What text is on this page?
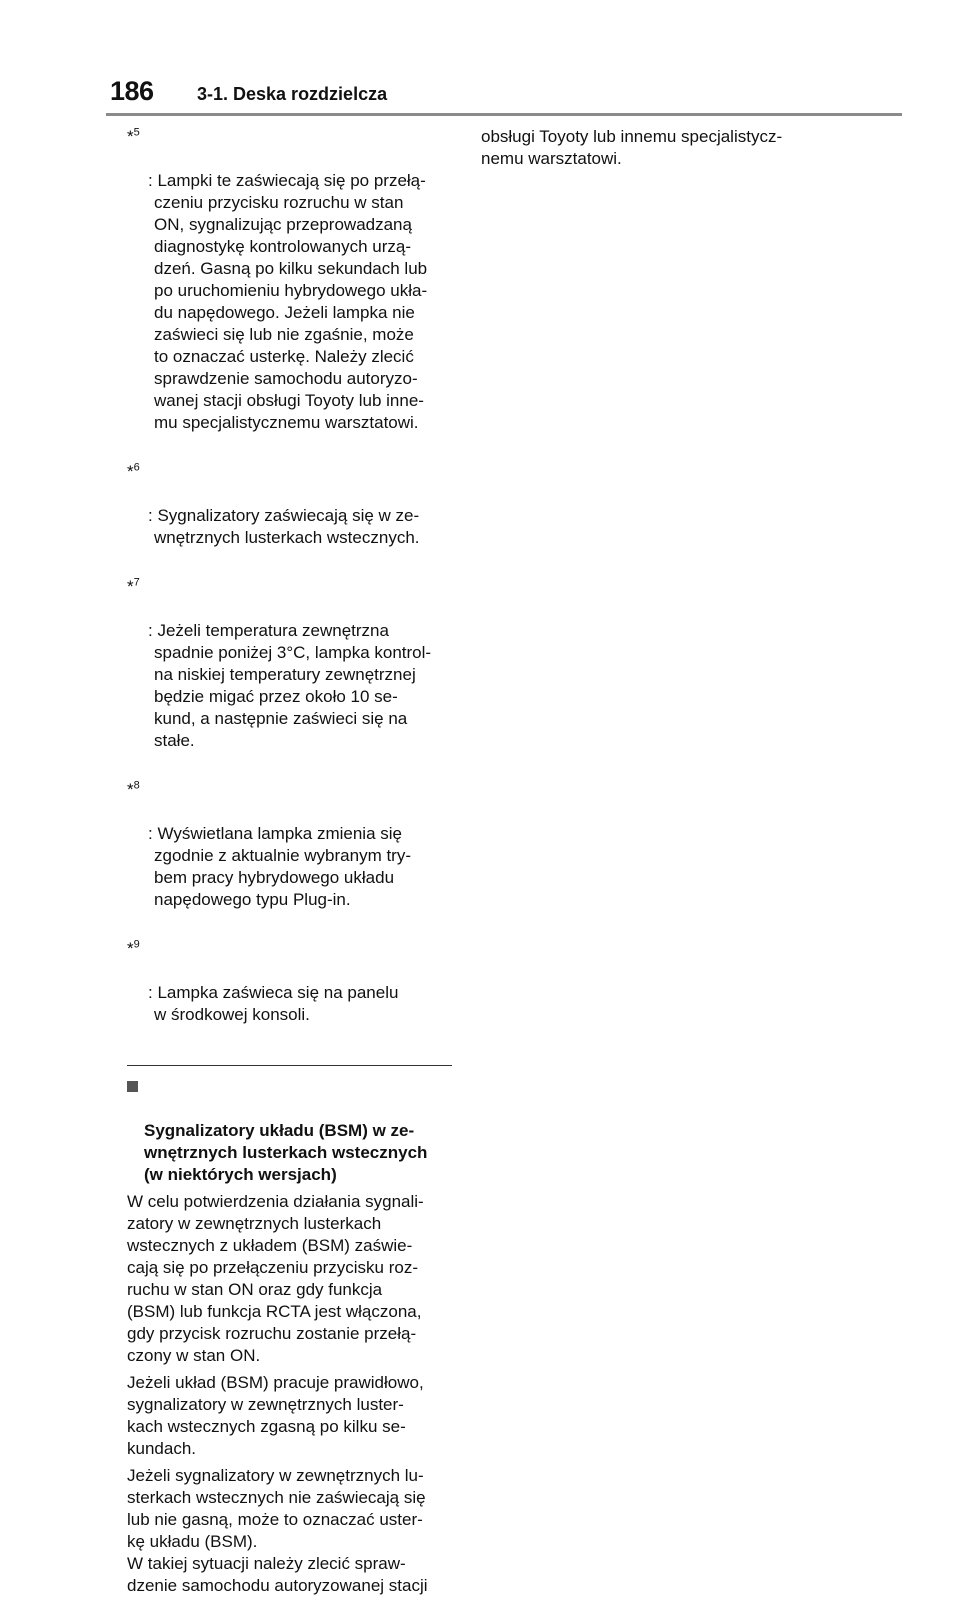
186 3-1. Deska rozdzielcza

*$^5$

: Lampki te zaświecają się po przełą-
czeniu przycisku rozruchu w stan
ON, sygnalizując przeprowadzaną
diagnostykę kontrolowanych urzą-
dzeń. Gasną po kilku sekundach lub
po uruchomieniu hybrydowego ukła-
du napędowego. Jeżeli lampka nie
zaświeci się lub nie zgaśnie, może
to oznaczać usterkę. Należy zlecić
sprawdzenie samochodu autoryzo-
wanej stacji obsługi Toyoty lub inne-
mu specjalistycznemu warsztatowi.

*$^6$

: Sygnalizatory zaświecają się w ze-
wnętrznych lusterkach wstecznych.

*$^7$

: Jeżeli temperatura zewnętrzna
spadnie poniżej 3°C, lampka kontrol-
na niskiej temperatury zewnętrznej
będzie migać przez około 10 se-
kund, a następnie zaświeci się na
stałe.

*$^8$

: Wyświetlana lampka zmienia się
zgodnie z aktualnie wybranym try-
bem pracy hybrydowego układu
napędowego typu Plug-in.

*$^9$

: Lampka zaświeca się na panelu
w środkowej konsoli.

Sygnalizatory układu (BSM) w ze-
wnętrznych lusterkach wstecznych
(w niektórych wersjach)

W celu potwierdzenia działania sygnali-
zatory w zewnętrznych lusterkach
wstecznych z układem (BSM) zaświe-
cają się po przełączeniu przycisku roz-
ruchu w stan ON oraz gdy funkcja
(BSM) lub funkcja RCTA jest włączona,
gdy przycisk rozruchu zostanie przełą-
czony w stan ON.
Jeżeli układ (BSM) pracuje prawidłowo,
sygnalizatory w zewnętrznych luster-
kach wstecznych zgasną po kilku se-
kundach.
Jeżeli sygnalizatory w zewnętrznych lu-
sterkach wstecznych nie zaświecają się
lub nie gasną, może to oznaczać uster-
kę układu (BSM).
W takiej sytuacji należy zlecić spraw-
dzenie samochodu autoryzowanej stacji
obsługi Toyoty lub innemu specjalistycz-
nemu warsztatowi.
